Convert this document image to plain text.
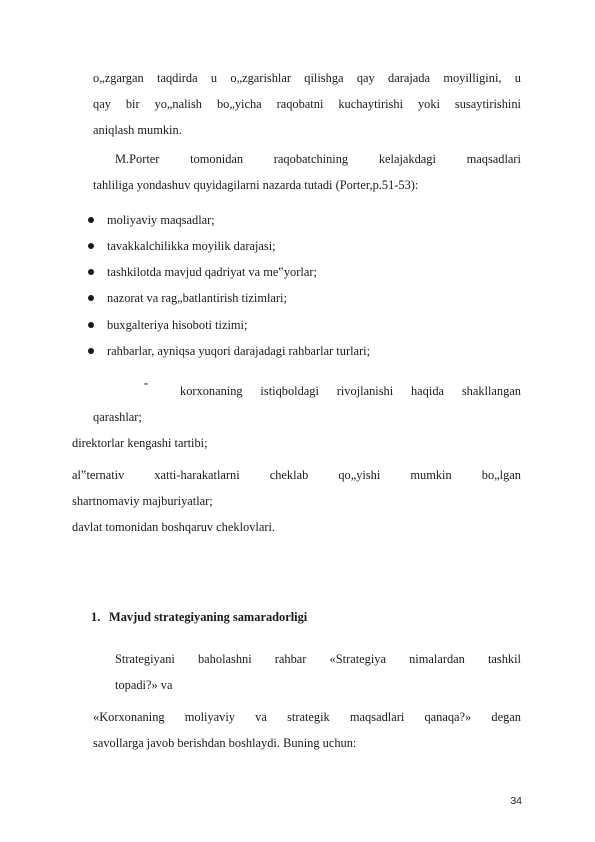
o„zgargan taqdirda u o„zgarishlar qilishga qay darajada moyilligini, u
qay bir yo„nalish bo„yicha raqobatni kuchaytirishi yoki susaytirishini
aniqlash mumkin.
M.Porter tomonidan raqobatchining kelajakdagi maqsadlari
tahliliga yondashuv quyidagilarni nazarda tutadi (Porter,p.51-53):
moliyaviy maqsadlar;
tavakkalchilikka moyilik darajasi;
tashkilotda mavjud qadriyat va me‟yorlar;
nazorat va rag„batlantirish tizimlari;
buxgalteriya hisoboti tizimi;
rahbarlar, ayniqsa yuqori darajadagi rahbarlar turlari;
-
korxonaning istiqboldagi rivojlanishi haqida shakllangan
qarashlar;
direktorlar kengashi tartibi;
al‟ternativ xatti-harakatlarni cheklab qo„yishi mumkin bo„lgan
shartnomaviy majburiyatlar;
davlat tomonidan boshqaruv cheklovlari.
1. Mavjud strategiyaning samaradorligi
Strategiyani baholashni rahbar «Strategiya nimalardan tashkil
topadi?» va
«Korxonaning moliyaviy va strategik maqsadlari qanaqa?» degan
savollarga javob berishdan boshlaydi. Buning uchun:
34
